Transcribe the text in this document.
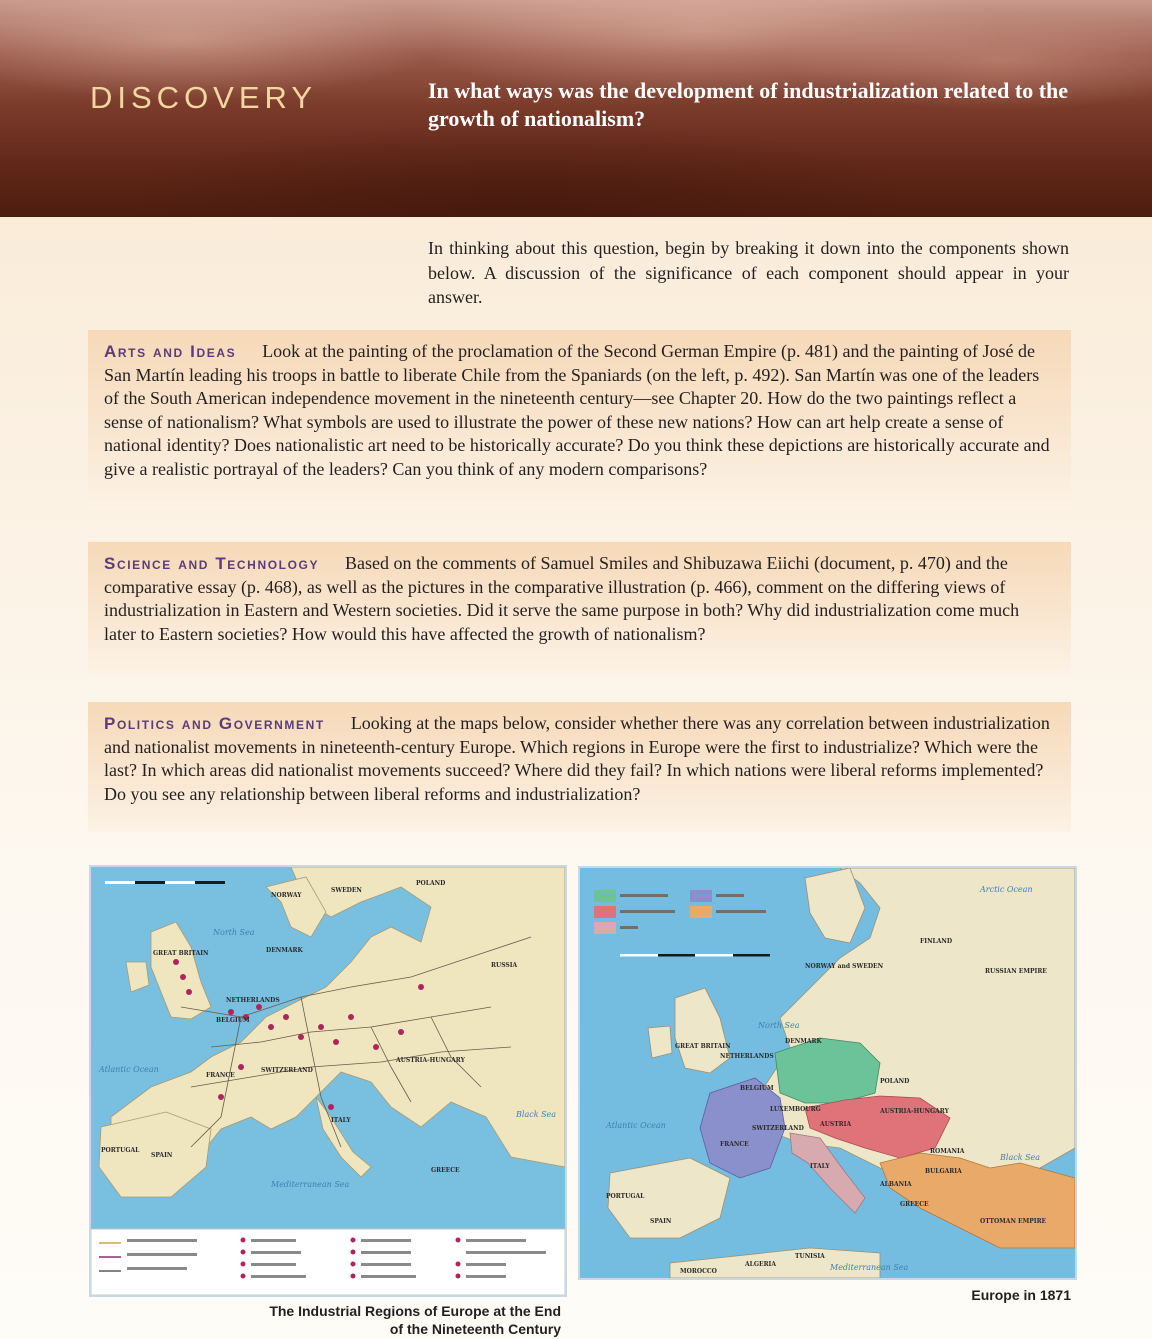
DISCOVERY	In what ways was the development of industrialization related to the growth of nationalism?

In thinking about this question, begin by breaking it down into the components shown below. A discussion of the significance of each component should appear in your answer.

Arts and Ideas Look at the painting of the proclamation of the Second German Empire (p. 481) and the painting of José de San Martín leading his troops in battle to liberate Chile from the Spaniards (on the left, p. 492). San Martín was one of the leaders of the South American independence movement in the nineteenth century—see Chapter 20. How do the two paintings reflect a sense of nationalism? What symbols are used to illustrate the power of these new nations? How can art help create a sense of national identity? Does nationalistic art need to be historically accurate? Do you think these depictions are historically accurate and give a realistic portrayal of the leaders? Can you think of any modern comparisons?

Science and Technology Based on the comments of Samuel Smiles and Shibuzawa Eiichi (document, p. 470) and the comparative essay (p. 468), as well as the pictures in the comparative illustration (p. 466), comment on the differing views of industrialization in Eastern and Western societies. Did it serve the same purpose in both? Why did industrialization come much later to Eastern societies? How would this have affected the growth of nationalism?

Politics and Government Looking at the maps below, consider whether there was any correlation between industrialization and nationalist movements in nineteenth-century Europe. Which regions in Europe were the first to industrialize? Which were the last? In which areas did nationalist movements succeed? Where did they fail? In which nations were liberal reforms implemented? Do you see any relationship between liberal reforms and industrialization?

North Sea
Atlantic Ocean
Mediterranean Sea
Black Sea
NORWAY
SWEDEN
GREAT BRITAIN	DENMARK
RUSSIA
NETHERLANDS
BELGIUM
FRANCE
SWITZERLAND
AUSTRIA-HUNGARY
ITALY
SPAIN
PORTUGAL
GREECE
POLAND

The Industrial Regions of Europe at the End
of the Nineteenth Century

Arctic Ocean
North Sea
Atlantic Ocean
Mediterranean Sea
Black Sea
FINLAND
RUSSIAN EMPIRE
NORWAY and SWEDEN
DENMARK
GREAT BRITAIN
NETHERLANDS
BELGIUM
LUXEMBOURG
FRANCE
SWITZERLAND
AUSTRIA
AUSTRIA-HUNGARY
ITALY
SPAIN
PORTUGAL
ROMANIA
BULGARIA
ALBANIA
GREECE
OTTOMAN EMPIRE
MOROCCO
ALGERIA
TUNISIA
POLAND

Europe in 1871
